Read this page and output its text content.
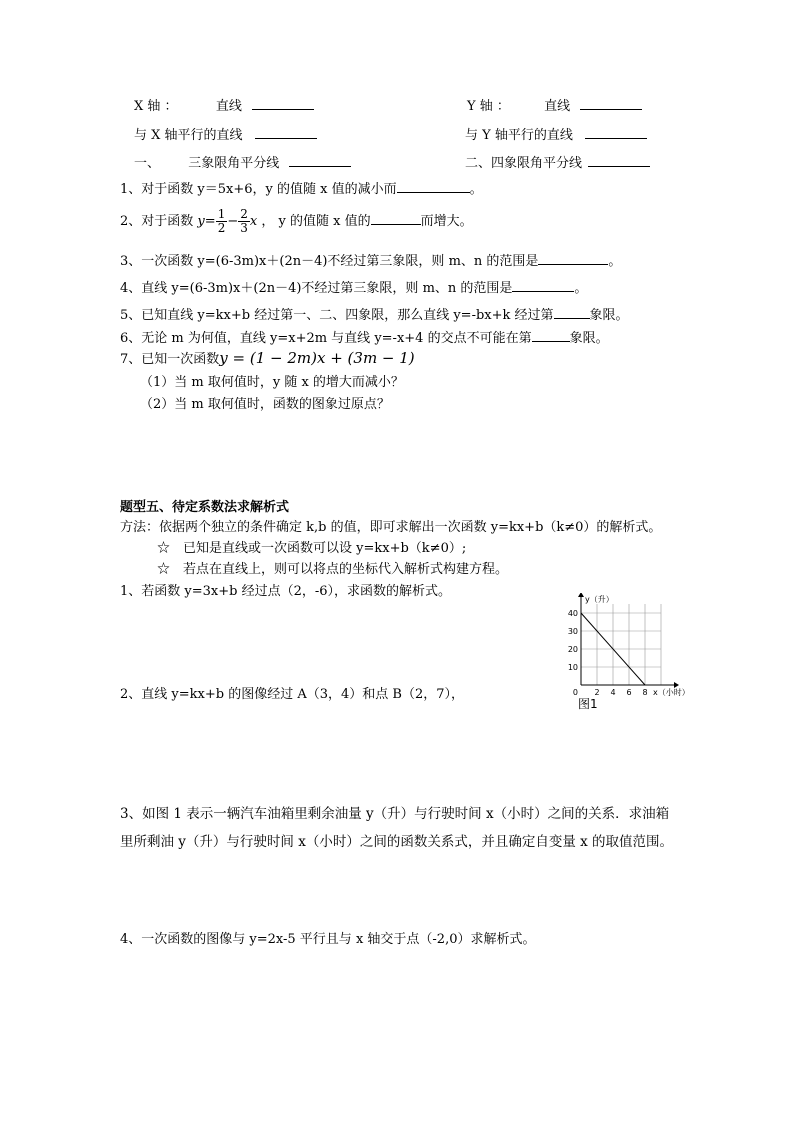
X 轴 ：	直线	Y 轴 ：	直线
与 X 轴平行的直线	与 Y 轴平行的直线
一、 三象限角平分线	二、四象限角平分线
1、对于函数 y＝5x+6，y 的值随 x 值的减小而	。
2、对于函数 $y= \frac{1}{2} - \frac{2}{3}$ x ， y 的值随 x 值的	而增大。
3、一次函数 y=(6-3m)x＋(2n－4)不经过第三象限，则 m、n 的范围是	。
4、直线 y=(6-3m)x＋(2n－4)不经过第三象限，则 m、n 的范围是	。
5、已知直线 y=kx+b 经过第一、二、四象限，那么直线 y=-bx+k 经过第	象限。
6、无论 m 为何值，直线 y=x+2m 与直线 y=-x+4 的交点不可能在第	象限。
7、已知一次函数y = (1 − 2m)x + (3m − 1)
（1）当 m 取何值时，y 随 x 的增大而减小？
（2）当 m 取何值时，函数的图象过原点？
题型五、待定系数法求解析式
方法：依据两个独立的条件确定 k,b 的值，即可求解出一次函数 y=kx+b（k≠0）的解析式。
☆　已知是直线或一次函数可以设 y=kx+b（k≠0）;
☆　若点在直线上，则可以将点的坐标代入解析式构建方程。
1、若函数 y=3x+b 经过点（2，-6），求函数的解析式。
2、直线 y=kx+b 的图像经过 A（3，4）和点 B（2，7），	2 4 6 8
10
20
30
40
0
y（升）
x（小时）
图1
3、如图 1 表示一辆汽车油箱里剩余油量 y（升）与行驶时间 x（小时）之间的关系．求油箱
里所剩油 y（升）与行驶时间 x（小时）之间的函数关系式，并且确定自变量 x 的取值范围。
4、一次函数的图像与 y=2x-5 平行且与 x 轴交于点（-2,0）求解析式。
